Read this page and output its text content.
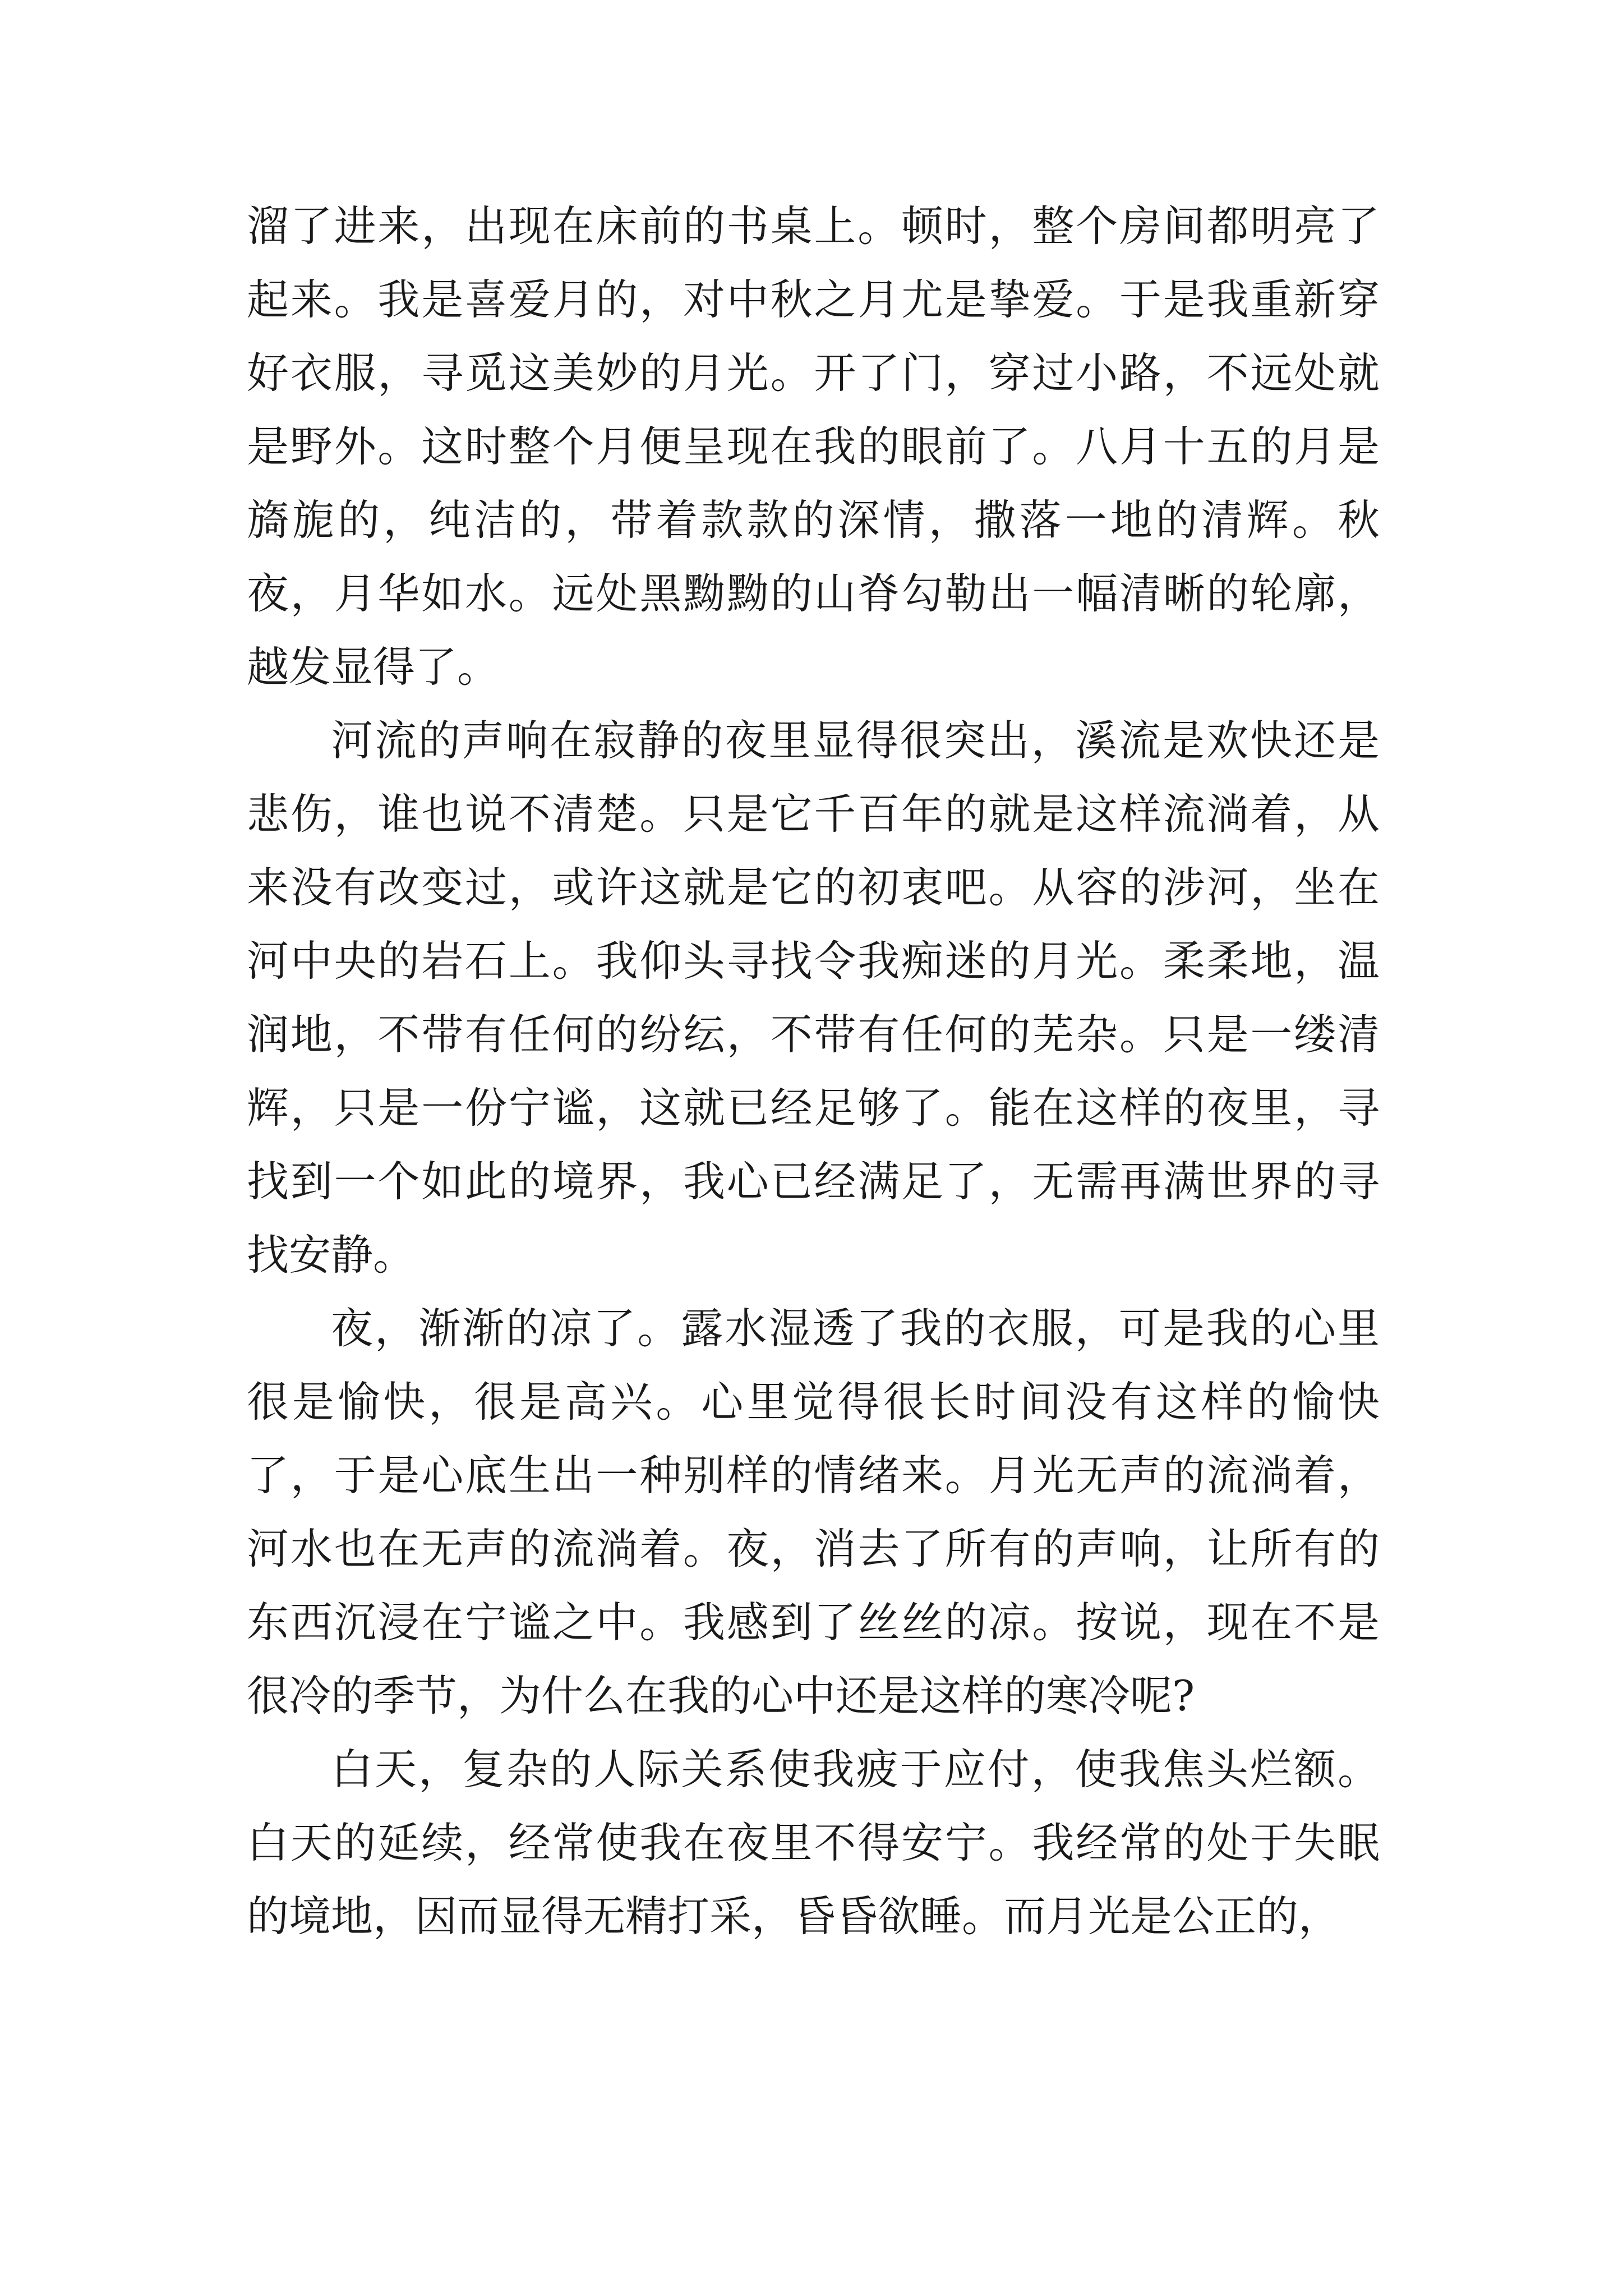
溜了进来，出现在床前的书桌上。顿时，整个房间都明亮了起来。我是喜爱月的，对中秋之月尤是挚爱。于是我重新穿好衣服，寻觅这美妙的月光。开了门，穿过小路，不远处就是野外。这时整个月便呈现在我的眼前了。八月十五的月是旖旎的，纯洁的，带着款款的深情，撒落一地的清辉。秋夜，月华如水。远处黑黝黝的山脊勾勒出一幅清晰的轮廓，越发显得了。

河流的声响在寂静的夜里显得很突出，溪流是欢快还是悲伤，谁也说不清楚。只是它千百年的就是这样流淌着，从来没有改变过，或许这就是它的初衷吧。从容的涉河，坐在河中央的岩石上。我仰头寻找令我痴迷的月光。柔柔地，温润地，不带有任何的纷纭，不带有任何的芜杂。只是一缕清辉，只是一份宁谧，这就已经足够了。能在这样的夜里，寻找到一个如此的境界，我心已经满足了，无需再满世界的寻找安静。

夜，渐渐的凉了。露水湿透了我的衣服，可是我的心里很是愉快，很是高兴。心里觉得很长时间没有这样的愉快了，于是心底生出一种别样的情绪来。月光无声的流淌着，河水也在无声的流淌着。夜，消去了所有的声响，让所有的东西沉浸在宁谧之中。我感到了丝丝的凉。按说，现在不是很冷的季节，为什么在我的心中还是这样的寒冷呢?

白天，复杂的人际关系使我疲于应付，使我焦头烂额。白天的延续，经常使我在夜里不得安宁。我经常的处于失眠的境地，因而显得无精打采，昏昏欲睡。而月光是公正的，
